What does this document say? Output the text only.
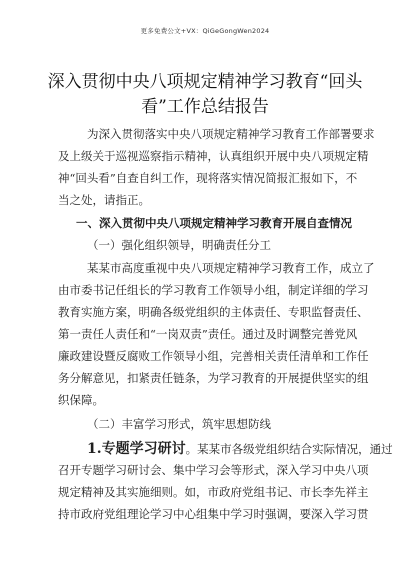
更多免费公文+VX：QiGeGongWen2024
深入贯彻中央八项规定精神学习教育“回头
看”工作总结报告
为深入贯彻落实中央八项规定精神学习教育工作部署要求
及上级关于巡视巡察指示精神，认真组织开展中央八项规定精
神“回头看”自查自纠工作，现将落实情况简报汇报如下，不
当之处，请指正。
一、深入贯彻中央八项规定精神学习教育开展自查情况
（一）强化组织领导，明确责任分工
某某市高度重视中央八项规定精神学习教育工作，成立了
由市委书记任组长的学习教育工作领导小组，制定详细的学习
教育实施方案，明确各级党组织的主体责任、专职监督责任、
第一责任人责任和“一岗双责”责任。通过及时调整完善党风
廉政建设暨反腐败工作领导小组，完善相关责任清单和工作任
务分解意见，扣紧责任链条，为学习教育的开展提供坚实的组
织保障。
（二）丰富学习形式，筑牢思想防线
1.专题学习研讨。某某市各级党组织结合实际情况，通过
召开专题学习研讨会、集中学习会等形式，深入学习中央八项
规定精神及其实施细则。如，市政府党组书记、市长李先祥主
持市政府党组理论学习中心组集中学习时强调，要深入学习贯
